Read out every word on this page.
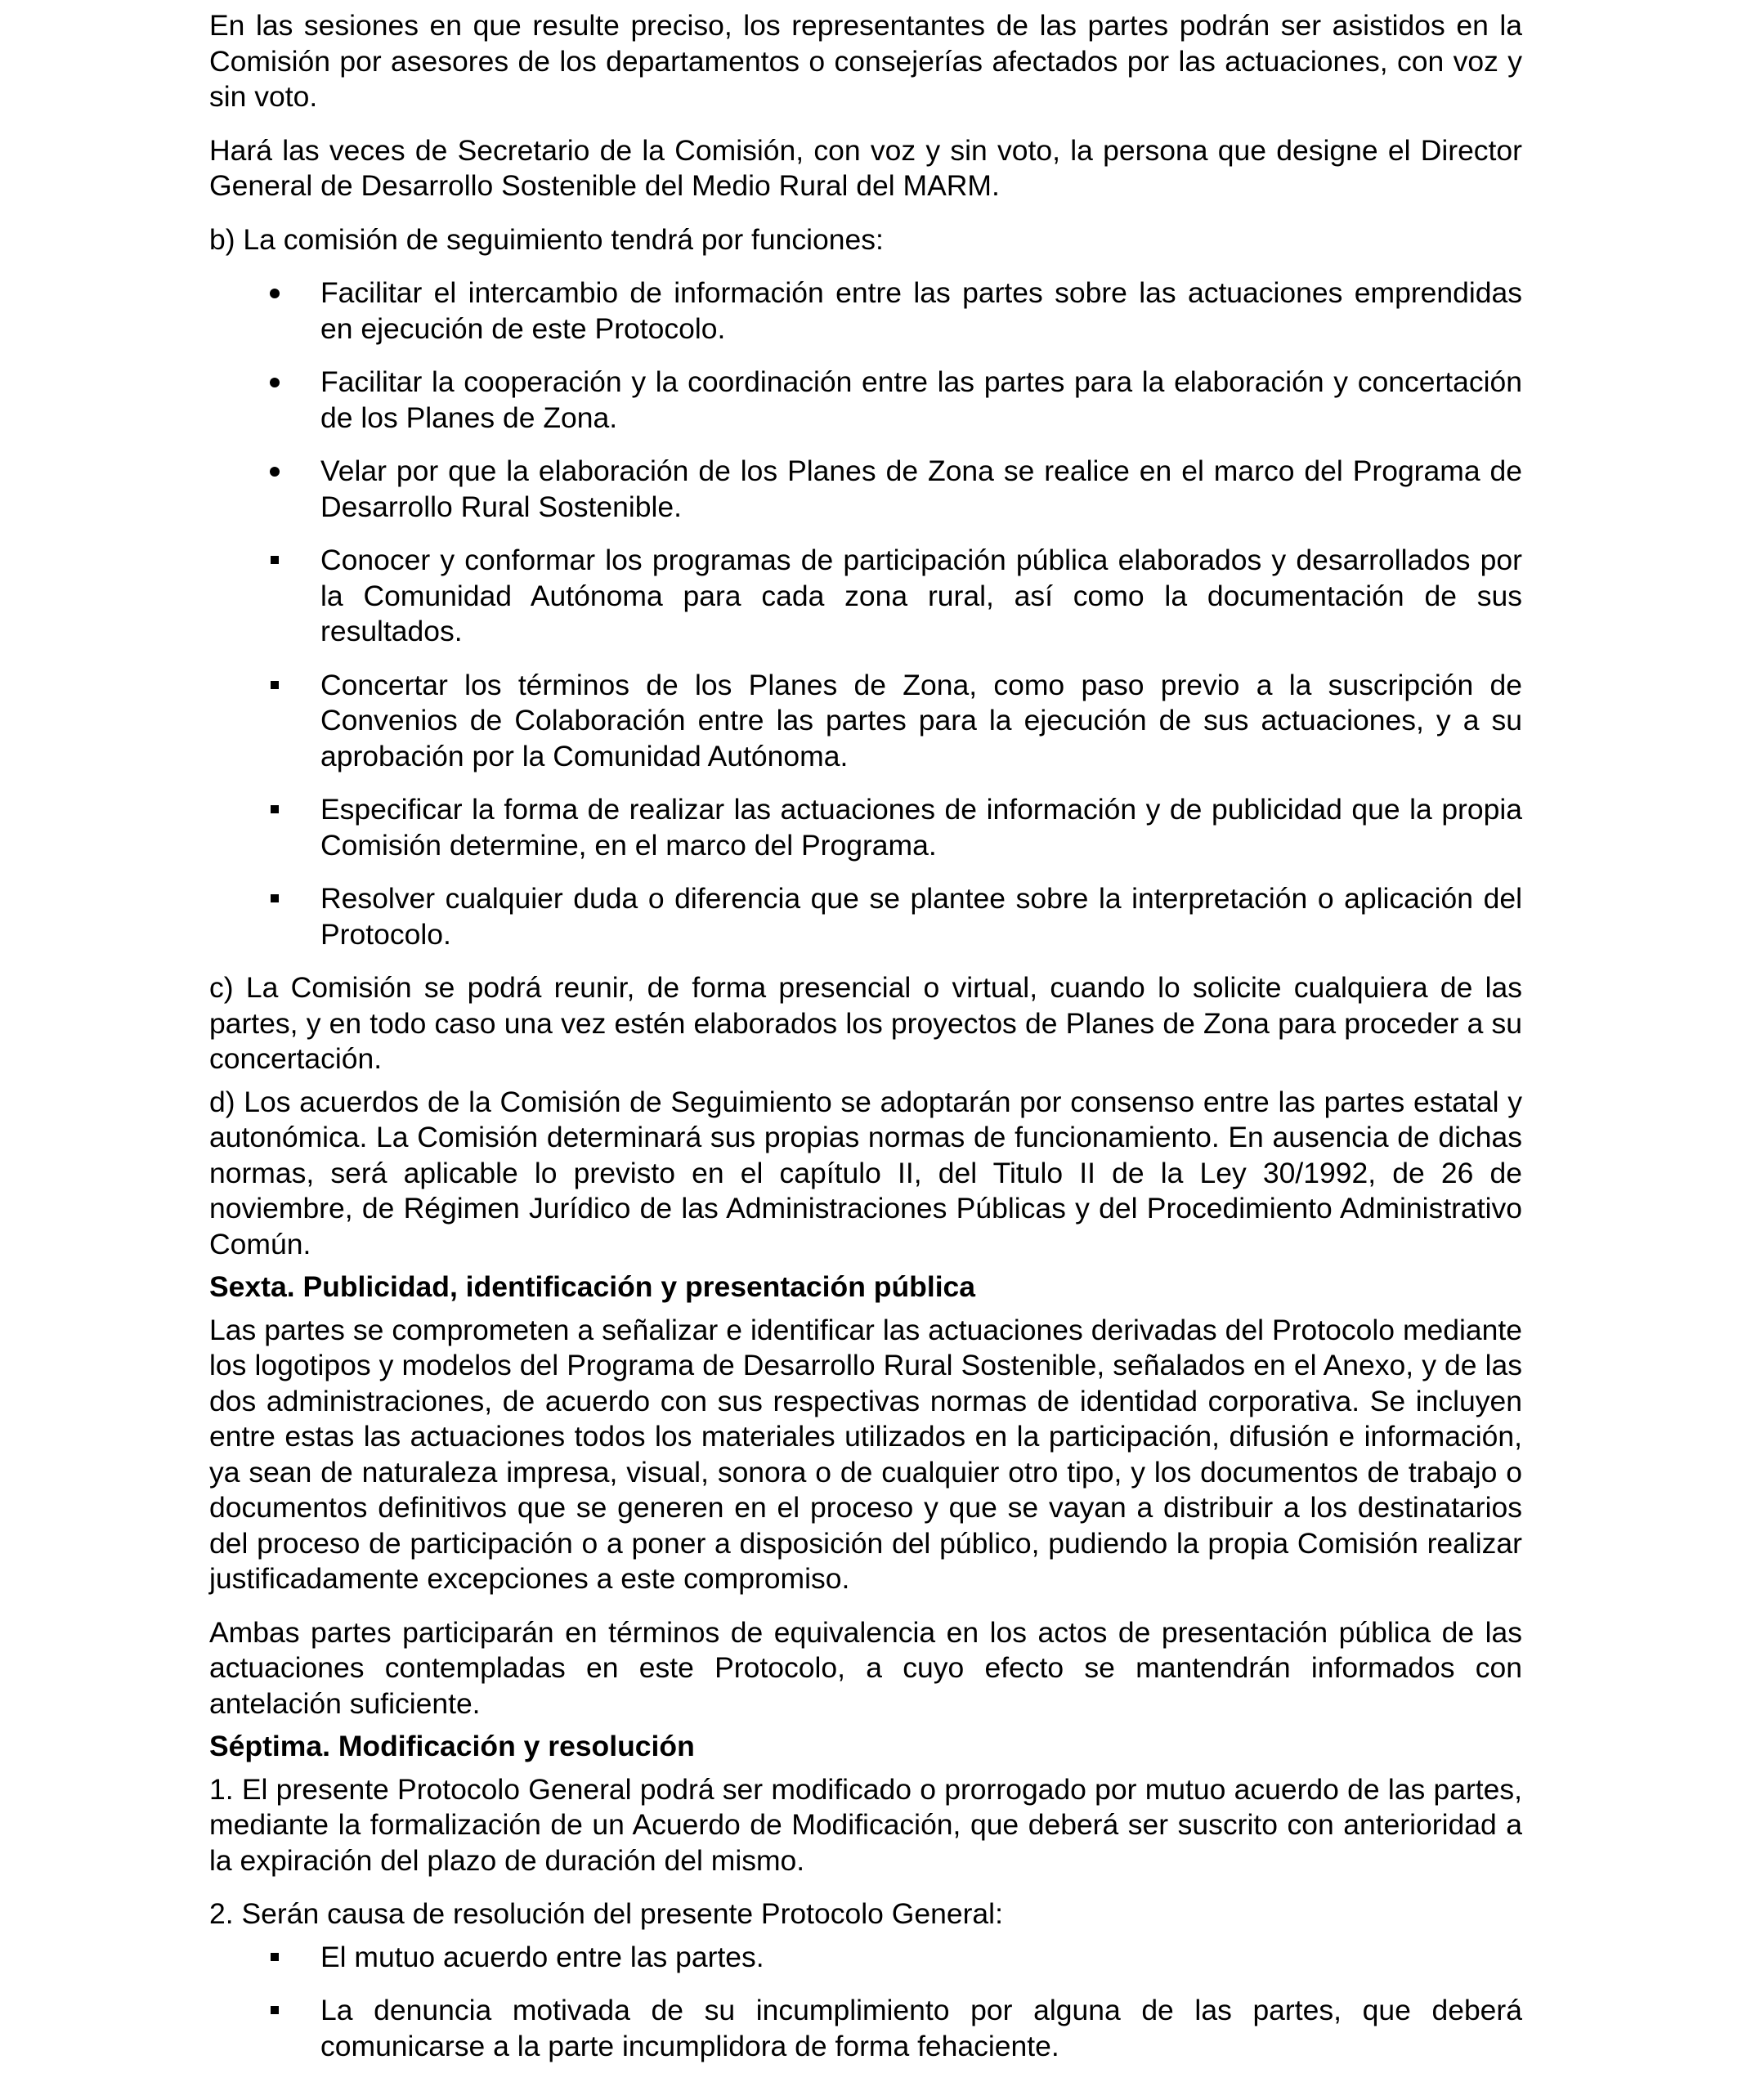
En las sesiones en que resulte preciso, los representantes de las partes podrán ser asistidos en la Comisión por asesores de los departamentos o consejerías afectados por las actuaciones, con voz y sin voto.

Hará las veces de Secretario de la Comisión, con voz y sin voto, la persona que designe el Director General de Desarrollo Sostenible del Medio Rural del MARM.

b) La comisión de seguimiento tendrá por funciones:

Facilitar el intercambio de información entre las partes sobre las actuaciones emprendidas en ejecución de este Protocolo.
Facilitar la cooperación y la coordinación entre las partes para la elaboración y concertación de los Planes de Zona.
Velar por que la elaboración de los Planes de Zona se realice en el marco del Programa de Desarrollo Rural Sostenible.
Conocer y conformar los programas de participación pública elaborados y desarrollados por la Comunidad Autónoma para cada zona rural, así como la documentación de sus resultados.
Concertar los términos de los Planes de Zona, como paso previo a la suscripción de Convenios de Colaboración entre las partes para la ejecución de sus actuaciones, y a su aprobación por la Comunidad Autónoma.
Especificar la forma de realizar las actuaciones de información y de publicidad que la propia Comisión determine, en el marco del Programa.
Resolver cualquier duda o diferencia que se plantee sobre la interpretación o aplicación del Protocolo.

c) La Comisión se podrá reunir, de forma presencial o virtual, cuando lo solicite cualquiera de las partes, y en todo caso una vez estén elaborados los proyectos de Planes de Zona para proceder a su concertación.

d) Los acuerdos de la Comisión de Seguimiento se adoptarán por consenso entre las partes estatal y autonómica. La Comisión determinará sus propias normas de funcionamiento. En ausencia de dichas normas, será aplicable lo previsto en el capítulo II, del Titulo II de la Ley 30/1992, de 26 de noviembre, de Régimen Jurídico de las Administraciones Públicas y del Procedimiento Administrativo Común.

Sexta. Publicidad, identificación y presentación pública

Las partes se comprometen a señalizar e identificar las actuaciones derivadas del Protocolo mediante los logotipos y modelos del Programa de Desarrollo Rural Sostenible, señalados en el Anexo, y de las dos administraciones, de acuerdo con sus respectivas normas de identidad corporativa. Se incluyen entre estas las actuaciones todos los materiales utilizados en la participación, difusión e información, ya sean de naturaleza impresa, visual, sonora o de cualquier otro tipo, y los documentos de trabajo o documentos definitivos que se generen en el proceso y que se vayan a distribuir a los destinatarios del proceso de participación o a poner a disposición del público, pudiendo la propia Comisión realizar justificadamente excepciones a este compromiso.

Ambas partes participarán en términos de equivalencia en los actos de presentación pública de las actuaciones contempladas en este Protocolo, a cuyo efecto se mantendrán informados con antelación suficiente.

Séptima. Modificación y resolución

1. El presente Protocolo General podrá ser modificado o prorrogado por mutuo acuerdo de las partes, mediante la formalización de un Acuerdo de Modificación, que deberá ser suscrito con anterioridad a la expiración del plazo de duración del mismo.

2. Serán causa de resolución del presente Protocolo General:

El mutuo acuerdo entre las partes.
La denuncia motivada de su incumplimiento por alguna de las partes, que deberá comunicarse a la parte incumplidora de forma fehaciente.
